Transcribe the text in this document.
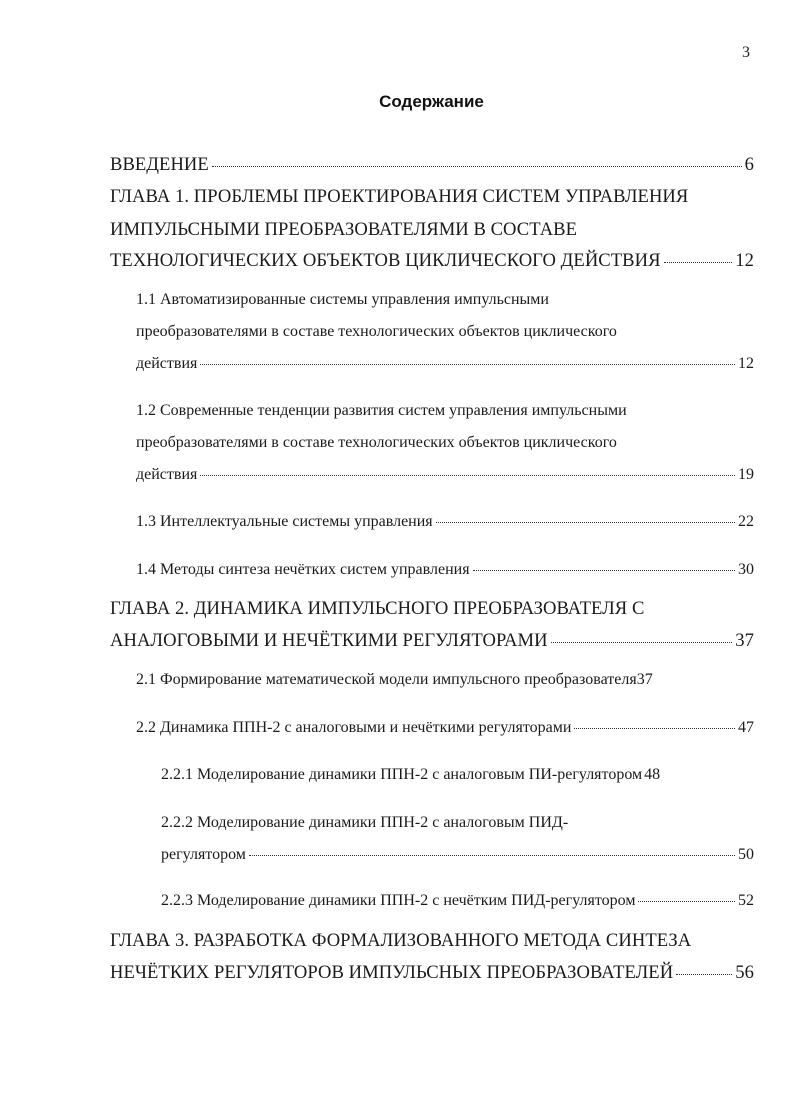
3
Содержание
ВВЕДЕНИЕ	6
ГЛАВА 1. ПРОБЛЕМЫ ПРОЕКТИРОВАНИЯ СИСТЕМ УПРАВЛЕНИЯ
ИМПУЛЬСНЫМИ ПРЕОБРАЗОВАТЕЛЯМИ В СОСТАВЕ
ТЕХНОЛОГИЧЕСКИХ ОБЪЕКТОВ ЦИКЛИЧЕСКОГО ДЕЙСТВИЯ	12
1.1 Автоматизированные системы управления импульсными
преобразователями в составе технологических объектов циклического
действия	12
1.2 Современные тенденции развития систем управления импульсными
преобразователями в составе технологических объектов циклического
действия	19
1.3 Интеллектуальные системы управления	22
1.4 Методы синтеза нечётких систем управления	30
ГЛАВА 2. ДИНАМИКА ИМПУЛЬСНОГО ПРЕОБРАЗОВАТЕЛЯ С
АНАЛОГОВЫМИ И НЕЧЁТКИМИ РЕГУЛЯТОРАМИ	37
2.1 Формирование математической модели импульсного преобразователя 37
2.2 Динамика ППН-2 с аналоговыми и нечёткими регуляторами	47
2.2.1 Моделирование динамики ППН-2 с аналоговым ПИ-регулятором 48
2.2.2 Моделирование динамики ППН-2 с аналоговым ПИД-
регулятором	50
2.2.3 Моделирование динамики ППН-2 с нечётким ПИД-регулятором	52
ГЛАВА 3. РАЗРАБОТКА ФОРМАЛИЗОВАННОГО МЕТОДА СИНТЕЗА
НЕЧЁТКИХ РЕГУЛЯТОРОВ ИМПУЛЬСНЫХ ПРЕОБРАЗОВАТЕЛЕЙ	56
